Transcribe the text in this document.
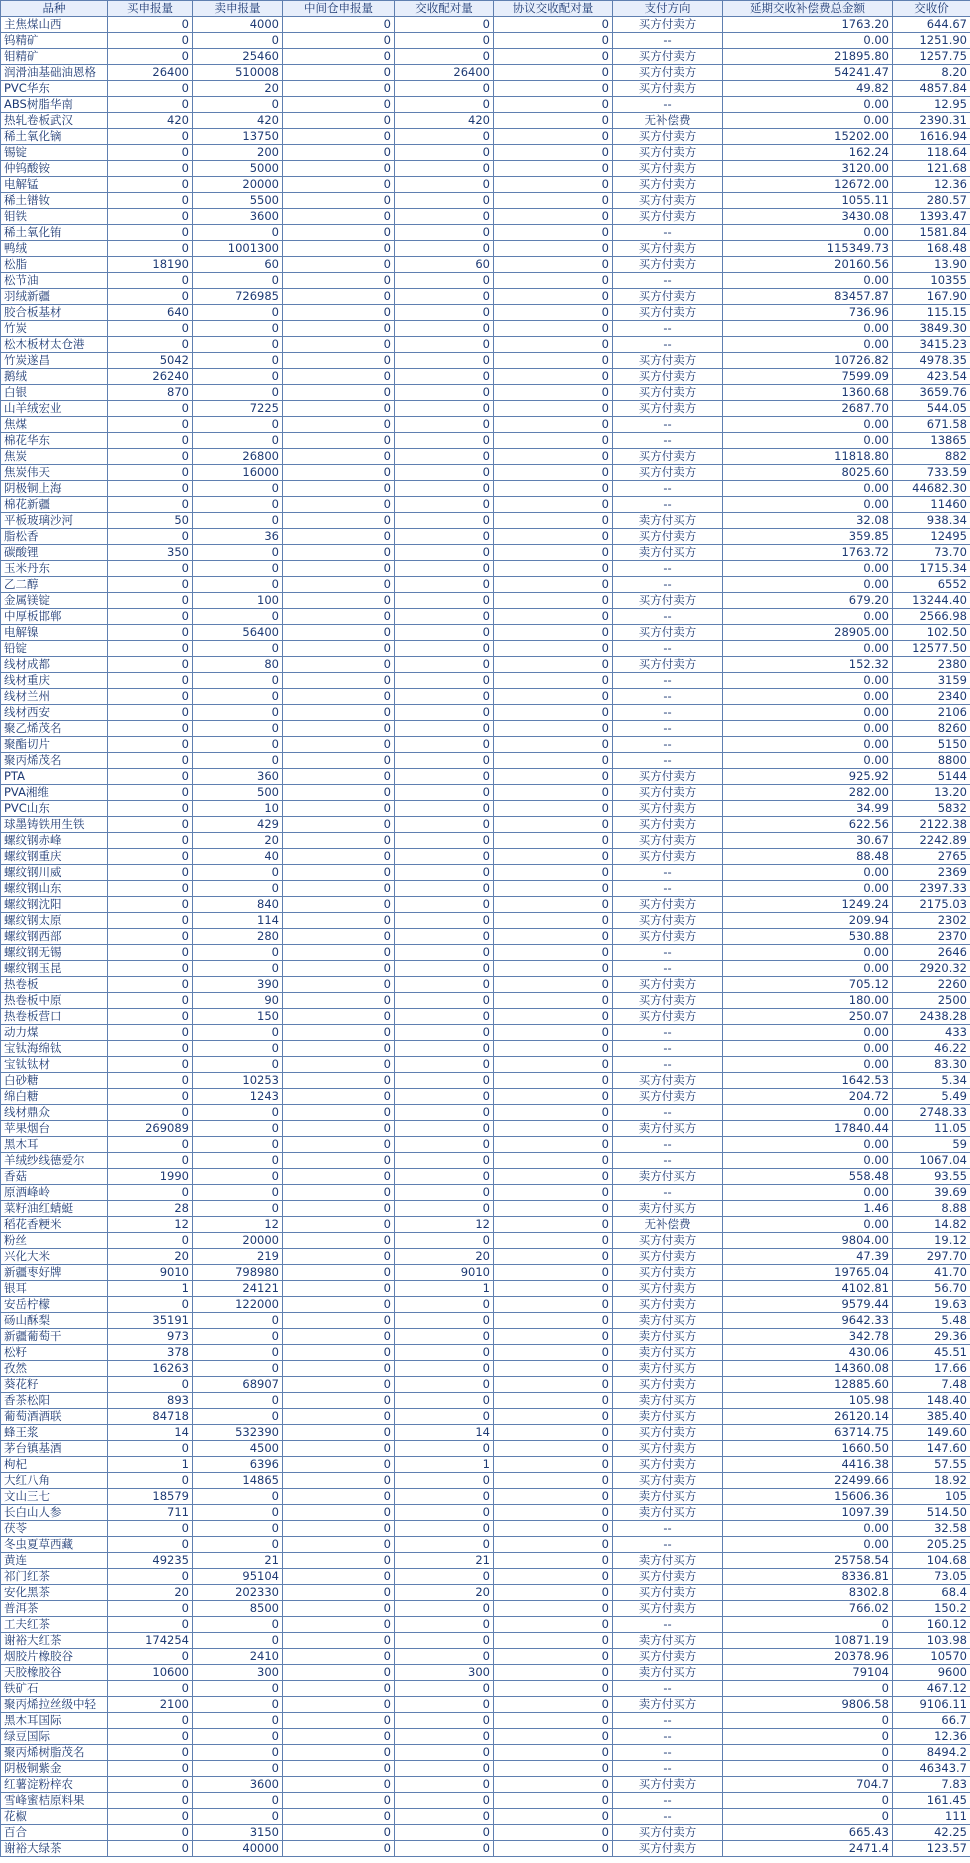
品种	买申报量	卖申报量	中间仓申报量	交收配对量	协议交收配对量	支付方向	延期交收补偿费总金额	交收价
主焦煤山西	0	4000	0	0	0	买方付卖方	1763.20	644.67
钨精矿	0	0	0	0	0	--	0.00	1251.90
钼精矿	0	25460	0	0	0	买方付卖方	21895.80	1257.75
润滑油基础油恩格	26400	510008	0	26400	0	买方付卖方	54241.47	8.20
PVC华东	0	20	0	0	0	买方付卖方	49.82	4857.84
ABS树脂华南	0	0	0	0	0	--	0.00	12.95
热轧卷板武汉	420	420	0	420	0	无补偿费	0.00	2390.31
稀土氧化镝	0	13750	0	0	0	买方付卖方	15202.00	1616.94
锡锭	0	200	0	0	0	买方付卖方	162.24	118.64
仲钨酸铵	0	5000	0	0	0	买方付卖方	3120.00	121.68
电解锰	0	20000	0	0	0	买方付卖方	12672.00	12.36
稀土镨钕	0	5500	0	0	0	买方付卖方	1055.11	280.57
钼铁	0	3600	0	0	0	买方付卖方	3430.08	1393.47
稀土氧化铕	0	0	0	0	0	--	0.00	1581.84
鸭绒	0	1001300	0	0	0	买方付卖方	115349.73	168.48
松脂	18190	60	0	60	0	买方付卖方	20160.56	13.90
松节油	0	0	0	0	0	--	0.00	10355
羽绒新疆	0	726985	0	0	0	买方付卖方	83457.87	167.90
胶合板基材	640	0	0	0	0	买方付卖方	736.96	115.15
竹炭	0	0	0	0	0	--	0.00	3849.30
松木板材太仓港	0	0	0	0	0	--	0.00	3415.23
竹炭遂昌	5042	0	0	0	0	买方付卖方	10726.82	4978.35
鹅绒	26240	0	0	0	0	买方付卖方	7599.09	423.54
白银	870	0	0	0	0	买方付卖方	1360.68	3659.76
山羊绒宏业	0	7225	0	0	0	买方付卖方	2687.70	544.05
焦煤	0	0	0	0	0	--	0.00	671.58
棉花华东	0	0	0	0	0	--	0.00	13865
焦炭	0	26800	0	0	0	买方付卖方	11818.80	882
焦炭伟天	0	16000	0	0	0	买方付卖方	8025.60	733.59
阴极铜上海	0	0	0	0	0	--	0.00	44682.30
棉花新疆	0	0	0	0	0	--	0.00	11460
平板玻璃沙河	50	0	0	0	0	卖方付买方	32.08	938.34
脂松香	0	36	0	0	0	买方付卖方	359.85	12495
碳酸锂	350	0	0	0	0	卖方付买方	1763.72	73.70
玉米丹东	0	0	0	0	0	--	0.00	1715.34
乙二醇	0	0	0	0	0	--	0.00	6552
金属镁锭	0	100	0	0	0	买方付卖方	679.20	13244.40
中厚板邯郸	0	0	0	0	0	--	0.00	2566.98
电解镍	0	56400	0	0	0	买方付卖方	28905.00	102.50
铅锭	0	0	0	0	0	--	0.00	12577.50
线材成都	0	80	0	0	0	买方付卖方	152.32	2380
线材重庆	0	0	0	0	0	--	0.00	3159
线材兰州	0	0	0	0	0	--	0.00	2340
线材西安	0	0	0	0	0	--	0.00	2106
聚乙烯茂名	0	0	0	0	0	--	0.00	8260
聚酯切片	0	0	0	0	0	--	0.00	5150
聚丙烯茂名	0	0	0	0	0	--	0.00	8800
PTA	0	360	0	0	0	买方付卖方	925.92	5144
PVA湘维	0	500	0	0	0	买方付卖方	282.00	13.20
PVC山东	0	10	0	0	0	买方付卖方	34.99	5832
球墨铸铁用生铁	0	429	0	0	0	买方付卖方	622.56	2122.38
螺纹钢赤峰	0	20	0	0	0	买方付卖方	30.67	2242.89
螺纹钢重庆	0	40	0	0	0	买方付卖方	88.48	2765
螺纹钢川威	0	0	0	0	0	--	0.00	2369
螺纹钢山东	0	0	0	0	0	--	0.00	2397.33
螺纹钢沈阳	0	840	0	0	0	买方付卖方	1249.24	2175.03
螺纹钢太原	0	114	0	0	0	买方付卖方	209.94	2302
螺纹钢西部	0	280	0	0	0	买方付卖方	530.88	2370
螺纹钢无锡	0	0	0	0	0	--	0.00	2646
螺纹钢玉昆	0	0	0	0	0	--	0.00	2920.32
热卷板	0	390	0	0	0	买方付卖方	705.12	2260
热卷板中原	0	90	0	0	0	买方付卖方	180.00	2500
热卷板营口	0	150	0	0	0	买方付卖方	250.07	2438.28
动力煤	0	0	0	0	0	--	0.00	433
宝钛海绵钛	0	0	0	0	0	--	0.00	46.22
宝钛钛材	0	0	0	0	0	--	0.00	83.30
白砂糖	0	10253	0	0	0	买方付卖方	1642.53	5.34
绵白糖	0	1243	0	0	0	买方付卖方	204.72	5.49
线材鼎众	0	0	0	0	0	--	0.00	2748.33
苹果烟台	269089	0	0	0	0	卖方付买方	17840.44	11.05
黑木耳	0	0	0	0	0	--	0.00	59
羊绒纱线德爱尔	0	0	0	0	0	--	0.00	1067.04
香菇	1990	0	0	0	0	卖方付买方	558.48	93.55
原酒峰岭	0	0	0	0	0	--	0.00	39.69
菜籽油红蜻蜓	28	0	0	0	0	卖方付买方	1.46	8.88
稻花香粳米	12	12	0	12	0	无补偿费	0.00	14.82
粉丝	0	20000	0	0	0	买方付卖方	9804.00	19.12
兴化大米	20	219	0	20	0	买方付卖方	47.39	297.70
新疆枣好牌	9010	798980	0	9010	0	买方付卖方	19765.04	41.70
银耳	1	24121	0	1	0	买方付卖方	4102.81	56.70
安岳柠檬	0	122000	0	0	0	买方付卖方	9579.44	19.63
砀山酥梨	35191	0	0	0	0	卖方付买方	9642.33	5.48
新疆葡萄干	973	0	0	0	0	卖方付买方	342.78	29.36
松籽	378	0	0	0	0	卖方付买方	430.06	45.51
孜然	16263	0	0	0	0	卖方付买方	14360.08	17.66
葵花籽	0	68907	0	0	0	买方付卖方	12885.60	7.48
香茶松阳	893	0	0	0	0	卖方付买方	105.98	148.40
葡萄酒酒联	84718	0	0	0	0	卖方付买方	26120.14	385.40
蜂王浆	14	532390	0	14	0	买方付卖方	63714.75	149.60
茅台镇基酒	0	4500	0	0	0	买方付卖方	1660.50	147.60
枸杞	1	6396	0	1	0	买方付卖方	4416.38	57.55
大红八角	0	14865	0	0	0	买方付卖方	22499.66	18.92
文山三七	18579	0	0	0	0	卖方付买方	15606.36	105
长白山人参	711	0	0	0	0	卖方付买方	1097.39	514.50
茯苓	0	0	0	0	0	--	0.00	32.58
冬虫夏草西藏	0	0	0	0	0	--	0.00	205.25
黄连	49235	21	0	21	0	卖方付买方	25758.54	104.68
祁门红茶	0	95104	0	0	0	买方付卖方	8336.81	73.05
安化黑茶	20	202330	0	20	0	买方付卖方	8302.8	68.4
普洱茶	0	8500	0	0	0	买方付卖方	766.02	150.2
工夫红茶	0	0	0	0	0	--	0	160.12
谢裕大红茶	174254	0	0	0	0	卖方付买方	10871.19	103.98
烟胶片橡胶谷	0	2410	0	0	0	买方付卖方	20378.96	10570
天胶橡胶谷	10600	300	0	300	0	卖方付买方	79104	9600
铁矿石	0	0	0	0	0	--	0	467.12
聚丙烯拉丝级中轻	2100	0	0	0	0	卖方付买方	9806.58	9106.11
黑木耳国际	0	0	0	0	0	--	0	66.7
绿豆国际	0	0	0	0	0	--	0	12.36
聚丙烯树脂茂名	0	0	0	0	0	--	0	8494.2
阴极铜紫金	0	0	0	0	0	--	0	46343.7
红薯淀粉梓农	0	3600	0	0	0	买方付卖方	704.7	7.83
雪峰蜜桔原料果	0	0	0	0	0	--	0	161.45
花椒	0	0	0	0	0	--	0	111
百合	0	3150	0	0	0	买方付卖方	665.43	42.25
谢裕大绿茶	0	40000	0	0	0	买方付卖方	2471.4	123.57
